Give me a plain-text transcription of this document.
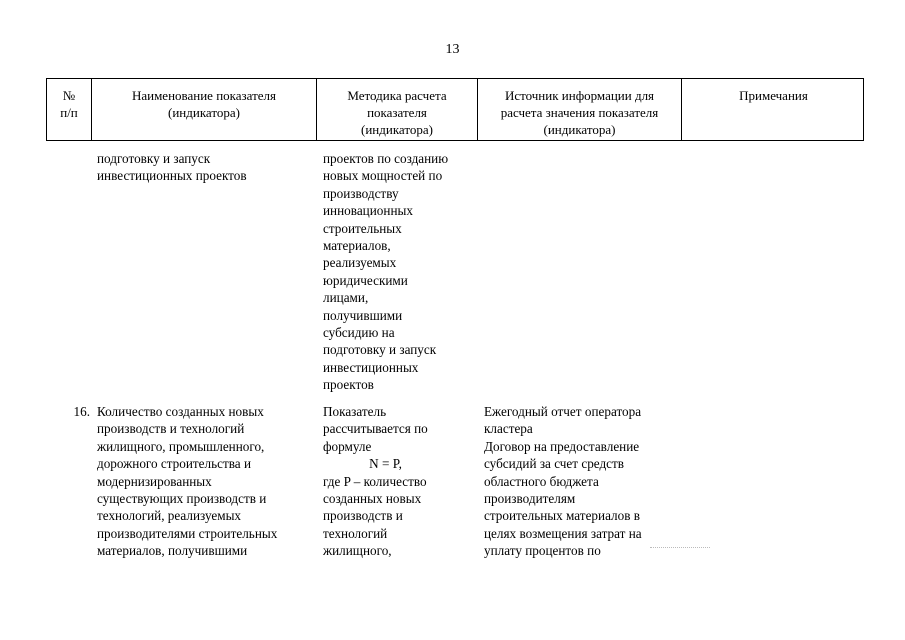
13
№
п/п
Наименование показателя
(индикатора)
Методика расчета
показателя
(индикатора)
Источник информации для
расчета значения показателя
(индикатора)
Примечания
подготовку и запуск
инвестиционных проектов
проектов по созданию
новых мощностей по
производству
инновационных
строительных
материалов,
реализуемых
юридическими
лицами,
получившими
субсидию на
подготовку и запуск
инвестиционных
проектов
16. Количество созданных новых
производств и технологий
жилищного, промышленного,
дорожного строительства и
модернизированных
существующих производств и
технологий, реализуемых
производителями строительных
материалов, получившими
Показатель
рассчитывается по
формуле
N = P,
где P – количество
созданных новых
производств и
технологий
жилищного,
Ежегодный отчет оператора
кластера
Договор на предоставление
субсидий за счет средств
областного бюджета
производителям
строительных материалов в
целях возмещения затрат на
уплату процентов по
